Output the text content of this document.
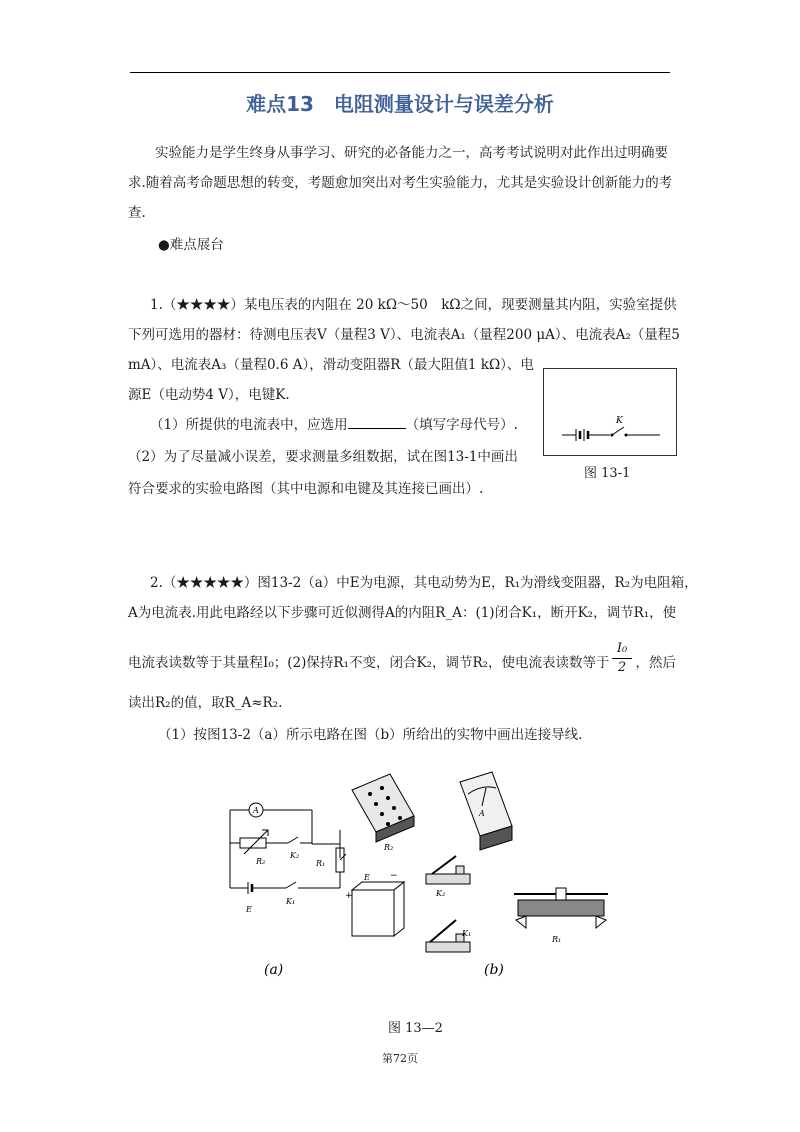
难点13　电阻测量设计与误差分析
实验能力是学生终身从事学习、研究的必备能力之一，高考考试说明对此作出过明确要求.随着高考命题思想的转变，考题愈加突出对考生实验能力，尤其是实验设计创新能力的考查.
●难点展台
1.（★★★★）某电压表的内阻在 20 kΩ～50　kΩ之间，现要测量其内阻，实验室提供
下列可选用的器材：待测电压表V（量程3 V）、电流表A₁（量程200 μA）、电流表A₂（量程5
mA）、电流表A₃（量程0.6 A），滑动变阻器R（最大阻值1 kΩ）、电
源E（电动势4 V），电键K.
（1）所提供的电流表中，应选用	（填写字母代号）.
（2）为了尽量减小误差，要求测量多组数据，试在图13-1中画出
符合要求的实验电路图（其中电源和电键及其连接已画出）.
K
图 13-1
2.（★★★★★）图13-2（a）中E为电源，其电动势为E，R₁为滑线变阻器，R₂为电阻箱，
A为电流表.用此电路经以下步骤可近似测得A的内阻R_A：(1)闭合K₁，断开K₂，调节R₁，使
电流表读数等于其量程I₀；(2)保持R₁不变，闭合K₂，调节R₂，使电流表读数等于 ，然后
$\frac{\text{I₀}}{2}$
读出R₂的值，取R_A≈R₂.
（1）按图13-2（a）所示电路在图（b）所给出的实物中画出连接导线.
A
R₂
K₂
R₁
E
K₁
R₂
A
E
+
−
K₂
K₁
R₁
(a)	(b)
图 13—2
第72页
